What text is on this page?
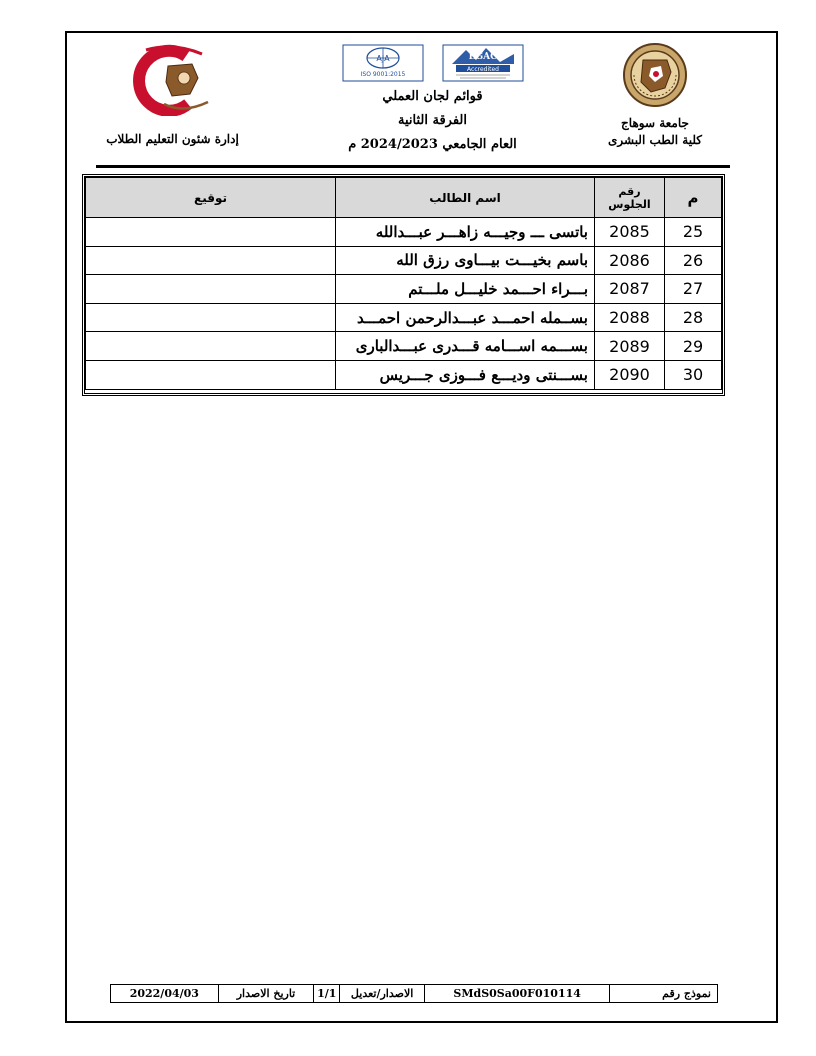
جامعة سوهاج
كلية الطب البشرى
AJA
ISO 9001:2015
EGAC
Accredited
قوائم لجان العملي
الفرقة الثانية
العام الجامعي 2024/2023 م
إدارة شئون التعليم الطلاب
م	رقم الجلوس	اسم الطالب	توقيع
25	2085	باتسى ـــ وجيـــه زاهـــر عبـــدالله	
26	2086	باسم بخيـــت بيـــاوى رزق الله	
27	2087	بـــراء احـــمد خليـــل ملـــتم	
28	2088	بســمله احمـــد عبـــدالرحمن احمـــد	
29	2089	بســـمه اســـامه قـــدرى عبـــدالبارى	
30	2090	بســـنتى وديـــع فـــوزى جـــريس	
نموذج رقم
SMdS0Sa00F010114
الاصدار/تعديل
1/1
تاريخ الاصدار
2022/04/03
